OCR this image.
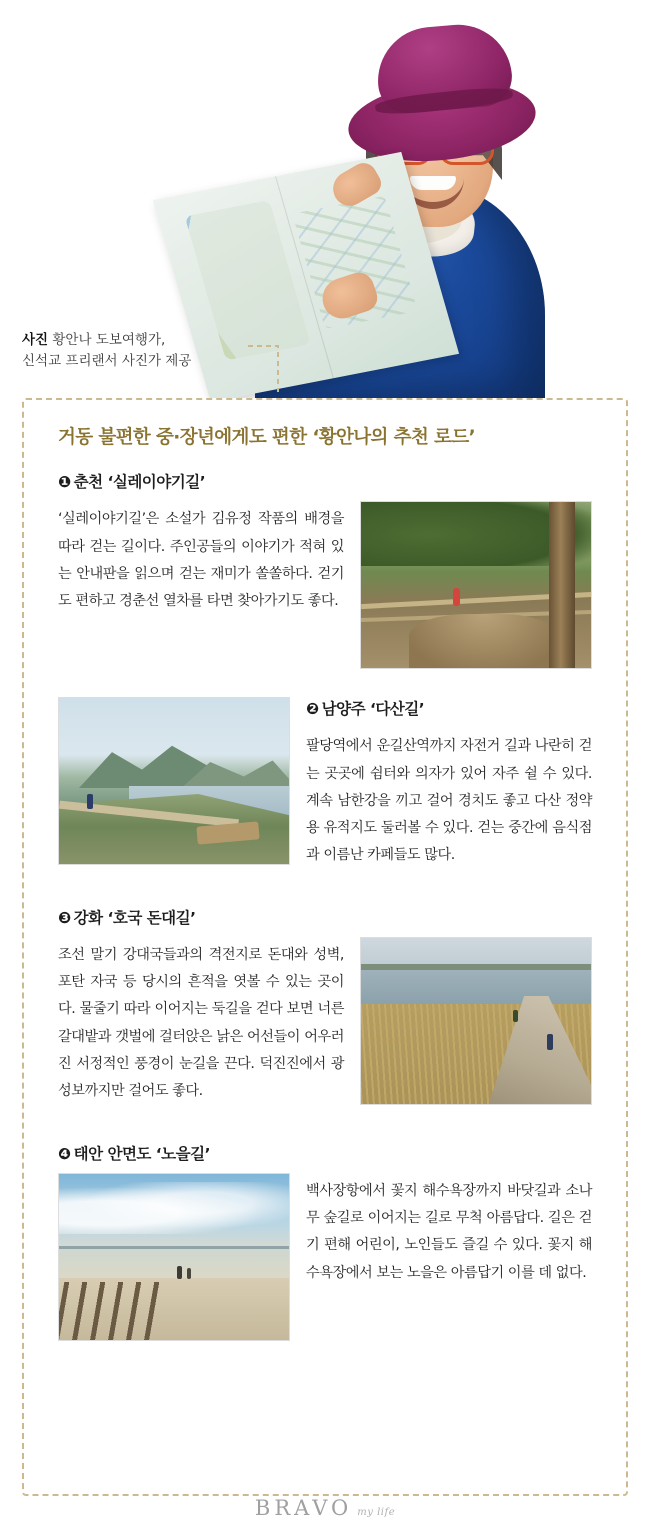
사진 황안나 도보여행가,
신석교 프리랜서 사진가 제공
거동 불편한 중·장년에게도 편한 ‘황안나의 추천 로드’
❶ 춘천 ‘실레이야기길’

‘실레이야기길’은 소설가 김유정 작품의 배경을 따라 걷는 길이다. 주인공들의 이야기가 적혀 있는 안내판을 읽으며 걷는 재미가 쏠쏠하다. 걷기도 편하고 경춘선 열차를 타면 찾아가기도 좋다.

❷ 남양주 ‘다산길’

팔당역에서 운길산역까지 자전거 길과 나란히 걷는 곳곳에 쉼터와 의자가 있어 자주 쉴 수 있다. 계속 남한강을 끼고 걸어 경치도 좋고 다산 정약용 유적지도 둘러볼 수 있다. 걷는 중간에 음식점과 이름난 카페들도 많다.

❸ 강화 ‘호국 돈대길’

조선 말기 강대국들과의 격전지로 돈대와 성벽, 포탄 자국 등 당시의 흔적을 엿볼 수 있는 곳이다. 물줄기 따라 이어지는 둑길을 걷다 보면 너른 갈대밭과 갯벌에 걸터앉은 낡은 어선들이 어우러진 서정적인 풍경이 눈길을 끈다. 덕진진에서 광성보까지만 걸어도 좋다.

❹ 태안 안면도 ‘노을길’

백사장항에서 꽃지 해수욕장까지 바닷길과 소나무 숲길로 이어지는 길로 무척 아름답다. 길은 걷기 편해 어린이, 노인들도 즐길 수 있다. 꽃지 해수욕장에서 보는 노을은 아름답기 이를 데 없다.

BRAVO my life
